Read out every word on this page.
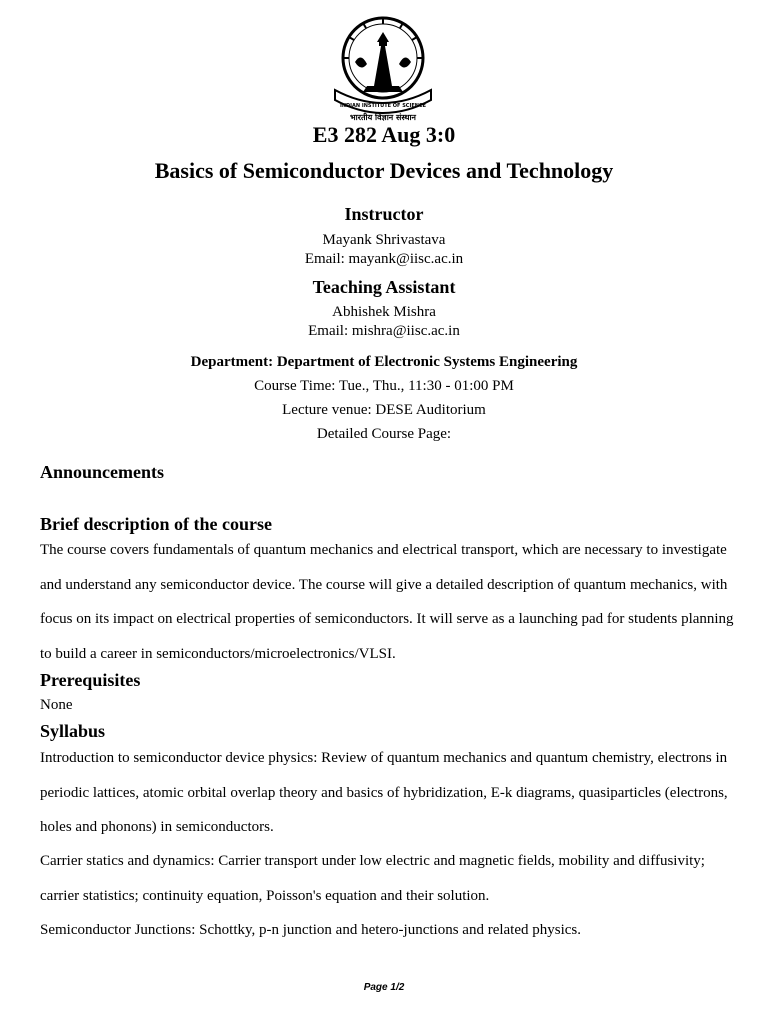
भारतीय विज्ञान संस्थान
INDIAN INSTITUTE OF SCIENCE
E3 282 Aug 3:0
Basics of Semiconductor Devices and Technology
Instructor
Mayank Shrivastava
Email: mayank@iisc.ac.in
Teaching Assistant
Abhishek Mishra
Email: mishra@iisc.ac.in
Department: Department of Electronic Systems Engineering
Course Time: Tue., Thu., 11:30 - 01:00 PM
Lecture venue: DESE Auditorium
Detailed Course Page:
Announcements
Brief description of the course
The course covers fundamentals of quantum mechanics and electrical transport, which are necessary to investigate and understand any semiconductor device. The course will give a detailed description of quantum mechanics, with focus on its impact on electrical properties of semiconductors. It will serve as a launching pad for students planning to build a career in semiconductors/microelectronics/VLSI.
Prerequisites
None
Syllabus
Introduction to semiconductor device physics: Review of quantum mechanics and quantum chemistry, electrons in periodic lattices, atomic orbital overlap theory and basics of hybridization, E-k diagrams, quasiparticles (electrons, holes and phonons) in semiconductors.
Carrier statics and dynamics: Carrier transport under low electric and magnetic fields, mobility and diffusivity; carrier statistics; continuity equation, Poisson's equation and their solution.
Semiconductor Junctions: Schottky, p-n junction and hetero-junctions and related physics.
Page 1/2
